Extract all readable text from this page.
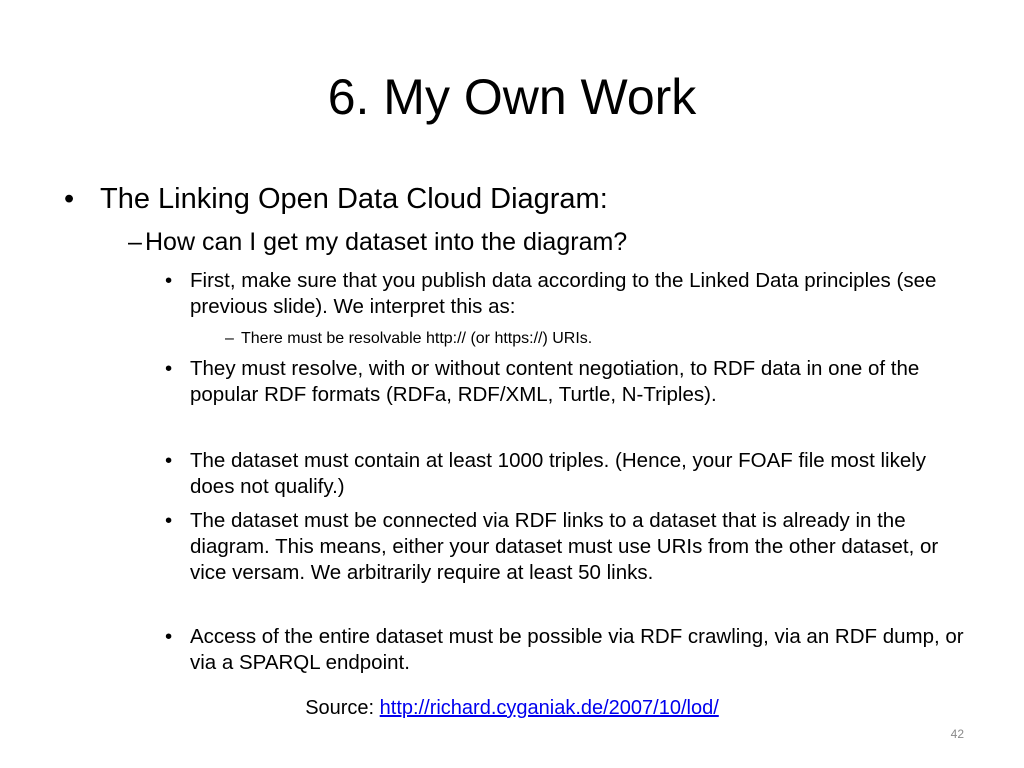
6. My Own Work
• The Linking Open Data Cloud Diagram:
– How can I get my dataset into the diagram?
• First, make sure that you publish data according to the Linked Data principles (see previous slide). We interpret this as:
– There must be resolvable http:// (or https://) URIs.
• They must resolve, with or without content negotiation, to RDF data in one of the popular RDF formats (RDFa, RDF/XML, Turtle, N-Triples).
• The dataset must contain at least 1000 triples. (Hence, your FOAF file most likely does not qualify.)
• The dataset must be connected via RDF links to a dataset that is already in the diagram. This means, either your dataset must use URIs from the other dataset, or vice versam. We arbitrarily require at least 50 links.
• Access of the entire dataset must be possible via RDF crawling, via an RDF dump, or via a SPARQL endpoint.
Source: http://richard.cyganiak.de/2007/10/lod/
42
